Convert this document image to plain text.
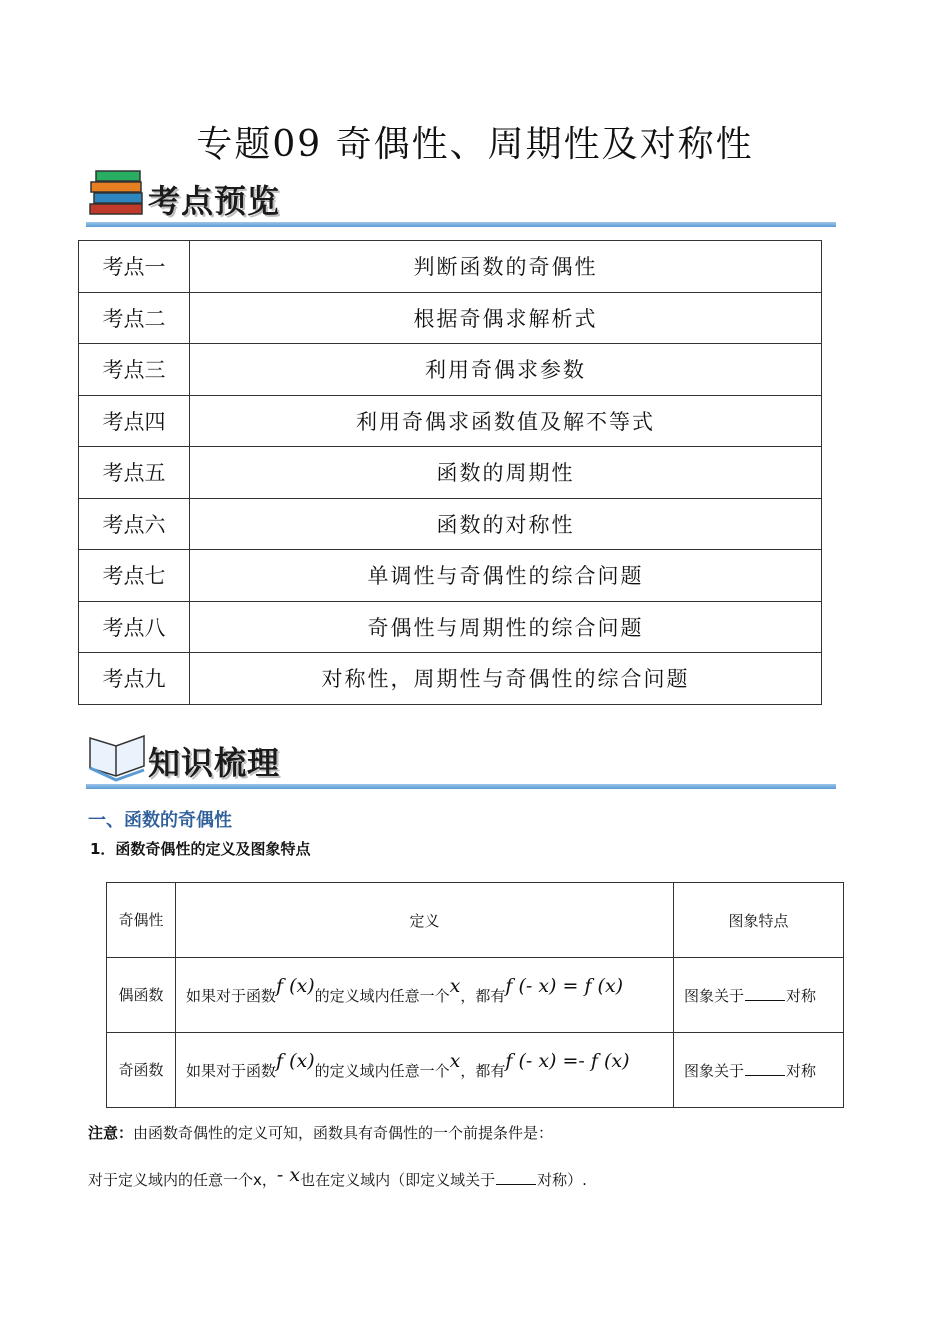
专题09 奇偶性、周期性及对称性
考点预览
考点一	判断函数的奇偶性
考点二	根据奇偶求解析式
考点三	利用奇偶求参数
考点四	利用奇偶求函数值及解不等式
考点五	函数的周期性
考点六	函数的对称性
考点七	单调性与奇偶性的综合问题
考点八	奇偶性与周期性的综合问题
考点九	对称性，周期性与奇偶性的综合问题
知识梳理
一、函数的奇偶性
1．函数奇偶性的定义及图象特点
奇偶性	定义	图象特点
偶函数	如果对于函数f (x)的定义域内任意一个x，都有f (- x) = f (x)	图象关于 对称
奇函数	如果对于函数f (x)的定义域内任意一个x，都有f (- x) =- f (x)	图象关于 对称
注意：由函数奇偶性的定义可知，函数具有奇偶性的一个前提条件是：
对于定义域内的任意一个x，- x也在定义域内（即定义域关于	对称）.
